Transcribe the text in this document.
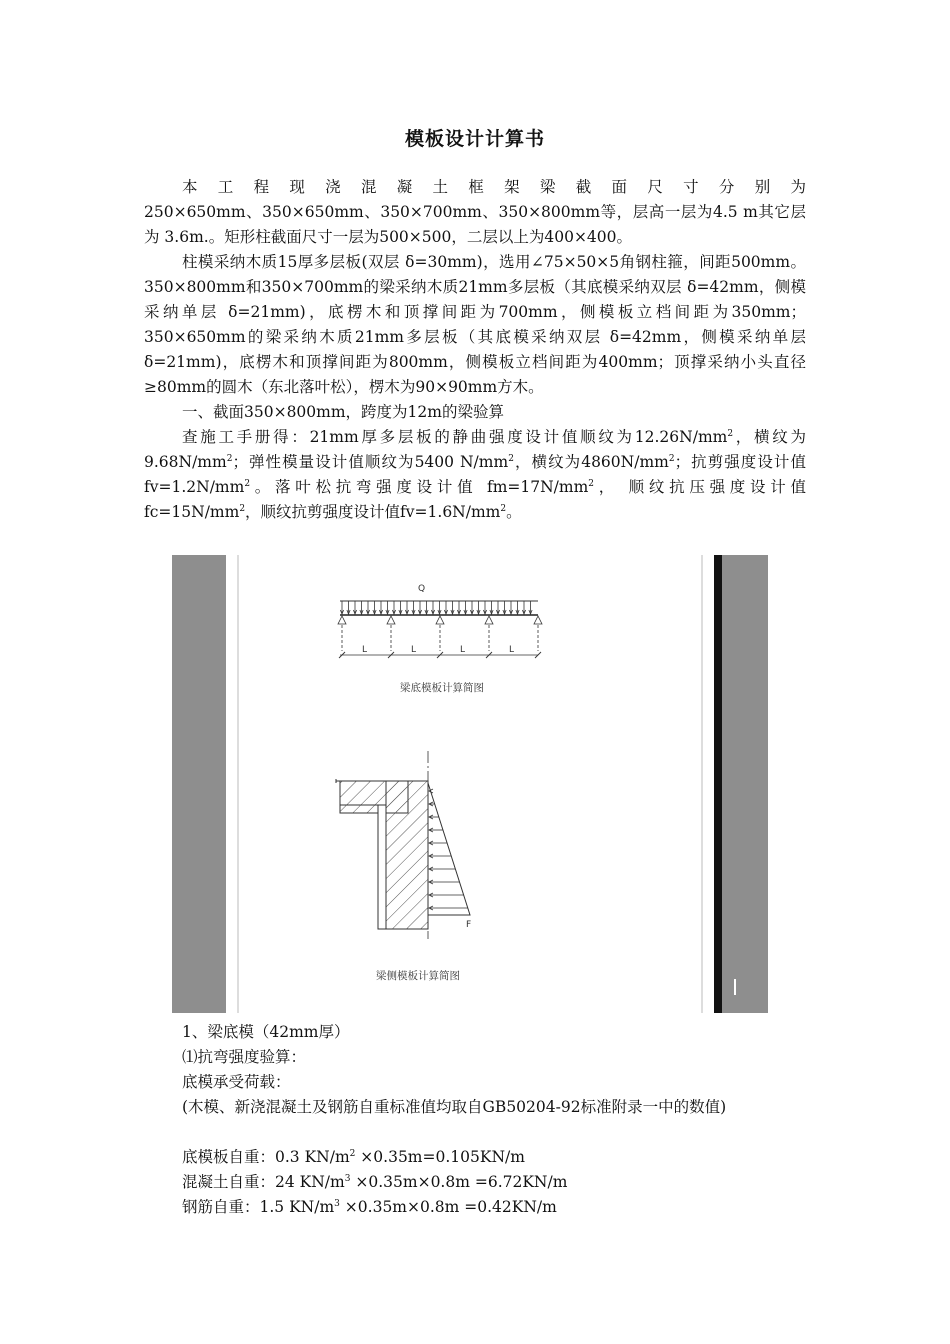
模板设计计算书

本工程现浇混凝土框架梁截面尺寸分别为

250×650mm、350×650mm、350×700mm、350×800mm等，层高一层为4.5 m其它层为 3.6m.。矩形柱截面尺寸一层为500×500，二层以上为400×400。

柱模采纳木质15厚多层板(双层 δ=30mm)，选用∠75×50×5角钢柱箍，间距500mm。350×800mm和350×700mm的梁采纳木质21mm多层板（其底模采纳双层 δ=42mm，侧模采纳单层 δ=21mm)，底楞木和顶撑间距为700mm，侧模板立档间距为350mm；350×650mm的梁采纳木质21mm多层板（其底模采纳双层 δ=42mm，侧模采纳单层 δ=21mm)，底楞木和顶撑间距为800mm，侧模板立档间距为400mm；顶撑采纳小头直径≥80mm的圆木（东北落叶松），楞木为90×90mm方木。

一、截面350×800mm，跨度为12m的梁验算

查施工手册得：21mm厚多层板的静曲强度设计值顺纹为$12.26N/mm^2$，横纹为$9.68N/mm^2$；弹性模量设计值顺纹为5400 $N/mm^2$，横纹为$4860N/mm^2$；抗剪强度设计值 $fv=1.2N/mm^2$。落叶松抗弯强度设计值 $fm=17N/mm^2$， 顺纹抗压强度设计值$fc=15N/mm^2$，顺纹抗剪强度设计值$fv=1.6N/mm^2$。

Q
L	L	L	L
梁底模板计算简图
F
梁侧模板计算简图
1、梁底模（42mm厚）
⑴抗弯强度验算：
底模承受荷载：

(木模、新浇混凝土及钢筋自重标准值均取自GB50204-92标准附录一中的数值)

底模板自重：0.3 $KN/m^2 \times 0.35m=0.105KN/m$
混凝土自重：24 $KN/m^3 \times 0.35m\times 0.8m =6.72KN/m$
钢筋自重：1.5 $KN/m^3 \times 0.35m\times 0.8m =0.42KN/m$
